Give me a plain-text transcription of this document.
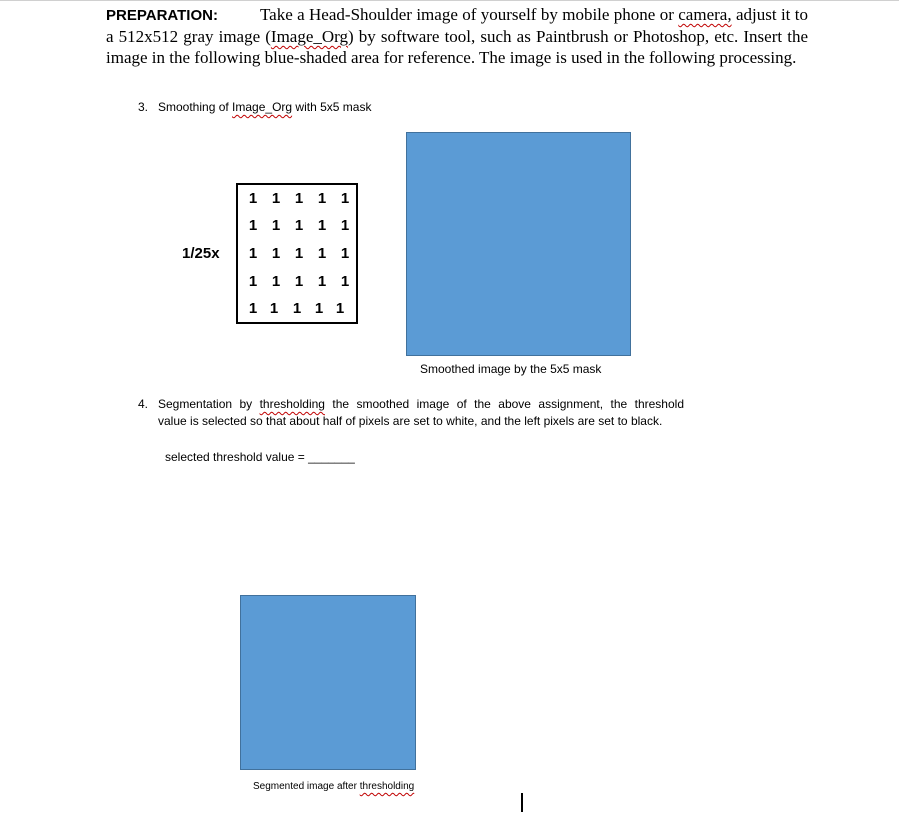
PREPARATION: Take a Head-Shoulder image of yourself by mobile phone or camera, adjust it to a 512x512 gray image (Image_Org) by software tool, such as Paintbrush or Photoshop, etc. Insert the image in the following blue-shaded area for reference. The image is used in the following processing.
3. Smoothing of Image_Org with 5x5 mask
1/25x
1 1 1 1 1
1 1 1 1 1
1 1 1 1 1
1 1 1 1 1
1 1 1 1 1
Smoothed image by the 5x5 mask
4. Segmentation by thresholding the smoothed image of the above assignment, the threshold
value is selected so that about half of pixels are set to white, and the left pixels are set to black.
selected threshold value = _______
Segmented image after thresholding
